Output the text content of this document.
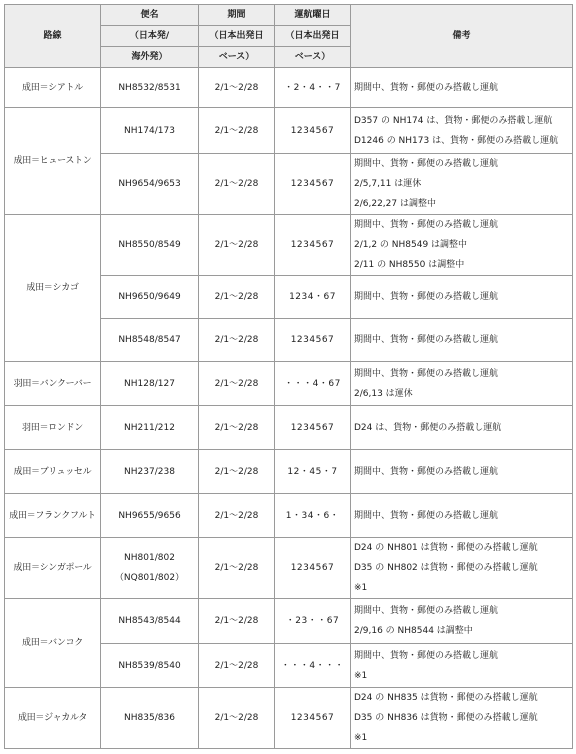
路線	便名	期間	運航曜日	備考
	（日本発/	（日本出発日	（日本出発日	
	海外発）	ベース）	ベース）	
成田＝シアトル	NH8532/8531	2/1～2/28	・2・4・・7	期間中、貨物・郵便のみ搭載し運航

成田＝ヒューストン	NH174/173	2/1～2/28	1234567	D357 の NH174 は、貨物・郵便のみ搭載し運航
D1246 の NH173 は、貨物・郵便のみ搭載し運航

	NH9654/9653	2/1～2/28	1234567	期間中、貨物・郵便のみ搭載し運航
2/5,7,11 は運休
2/6,22,27 は調整中

成田＝シカゴ	NH8550/8549	2/1～2/28	1234567	期間中、貨物・郵便のみ搭載し運航
2/1,2 の NH8549 は調整中
2/11 の NH8550 は調整中

	NH9650/9649	2/1～2/28	1234・67	期間中、貨物・郵便のみ搭載し運航

	NH8548/8547	2/1～2/28	1234567	期間中、貨物・郵便のみ搭載し運航

羽田＝バンクーバー	NH128/127	2/1～2/28	・・・4・67	期間中、貨物・郵便のみ搭載し運航
2/6,13 は運休

羽田＝ロンドン	NH211/212	2/1～2/28	1234567	D24 は、貨物・郵便のみ搭載し運航

成田＝ブリュッセル	NH237/238	2/1～2/28	12・45・7	期間中、貨物・郵便のみ搭載し運航

成田＝フランクフルト	NH9655/9656	2/1～2/28	1・34・6・	期間中、貨物・郵便のみ搭載し運航

成田＝シンガポール	NH801/802
（NQ801/802）	2/1～2/28	1234567	D24 の NH801 は貨物・郵便のみ搭載し運航
D35 の NH802 は貨物・郵便のみ搭載し運航
※1

成田＝バンコク	NH8543/8544	2/1～2/28	・23・・67	期間中、貨物・郵便のみ搭載し運航
2/9,16 の NH8544 は調整中

	NH8539/8540	2/1～2/28	・・・4・・・	期間中、貨物・郵便のみ搭載し運航
※1

成田＝ジャカルタ	NH835/836	2/1～2/28	1234567	D24 の NH835 は貨物・郵便のみ搭載し運航
D35 の NH836 は貨物・郵便のみ搭載し運航
※1
